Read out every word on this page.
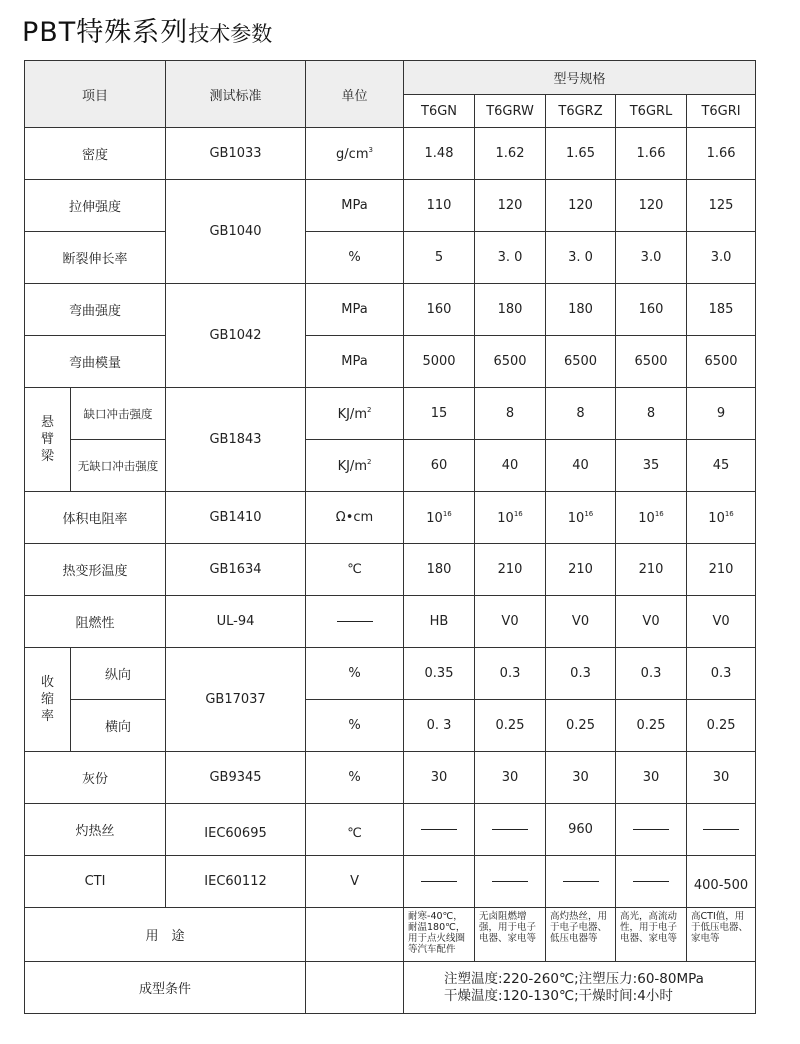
PBT特殊系列技术参数
项目		测试标准	单位	型号规格				
				T6GN	T6GRW	T6GRZ	T6GRL	T6GRI
密度		GB1033	$g/cm^3$	1.48	1.62	1.65	1.66	1.66
拉伸强度		GB1040	MPa	110	120	120	120	125
断裂伸长率			%	5	3. 0	3. 0	3.0	3.0
弯曲强度		GB1042	MPa	160	180	180	160	185
弯曲模量			MPa	5000	6500	6500	6500	6500

悬
臂
梁	缺口冲击强度	GB1843	$KJ/m^2$	15	8	8	8	9
	无缺口冲击强度		$KJ/m^2$	60	40	40	35	45
体积电阻率		GB1410	Ω•cm	$10^{16}$	$10^{16}$	$10^{16}$	$10^{16}$	$10^{16}$
热变形温度		GB1634	℃	180	210	210	210	210
阻燃性		UL-94		HB	V0	V0	V0	V0

收
缩
率	纵向	GB17037	%	0.35	0.3	0.3	0.3	0.3
	横向		%	0. 3	0.25	0.25	0.25	0.25
灰份		GB9345	%	30	30	30	30	30
灼热丝		IEC60695	℃			960		
CTI		IEC60112	V					400-500
用　途				耐寒-40℃，耐温180℃，用于点火线圈等汽车配件	无卤阻燃增强，用于电子电器、家电等	高灼热丝，用于电子电器、低压电器等	高光，高流动性，用于电子电器、家电等	高CTI值，用于低压电器、家电等
成型条件				注塑温度:220-260℃;注塑压力:60-80MPa
干燥温度:120-130℃;干燥时间:4小时				
